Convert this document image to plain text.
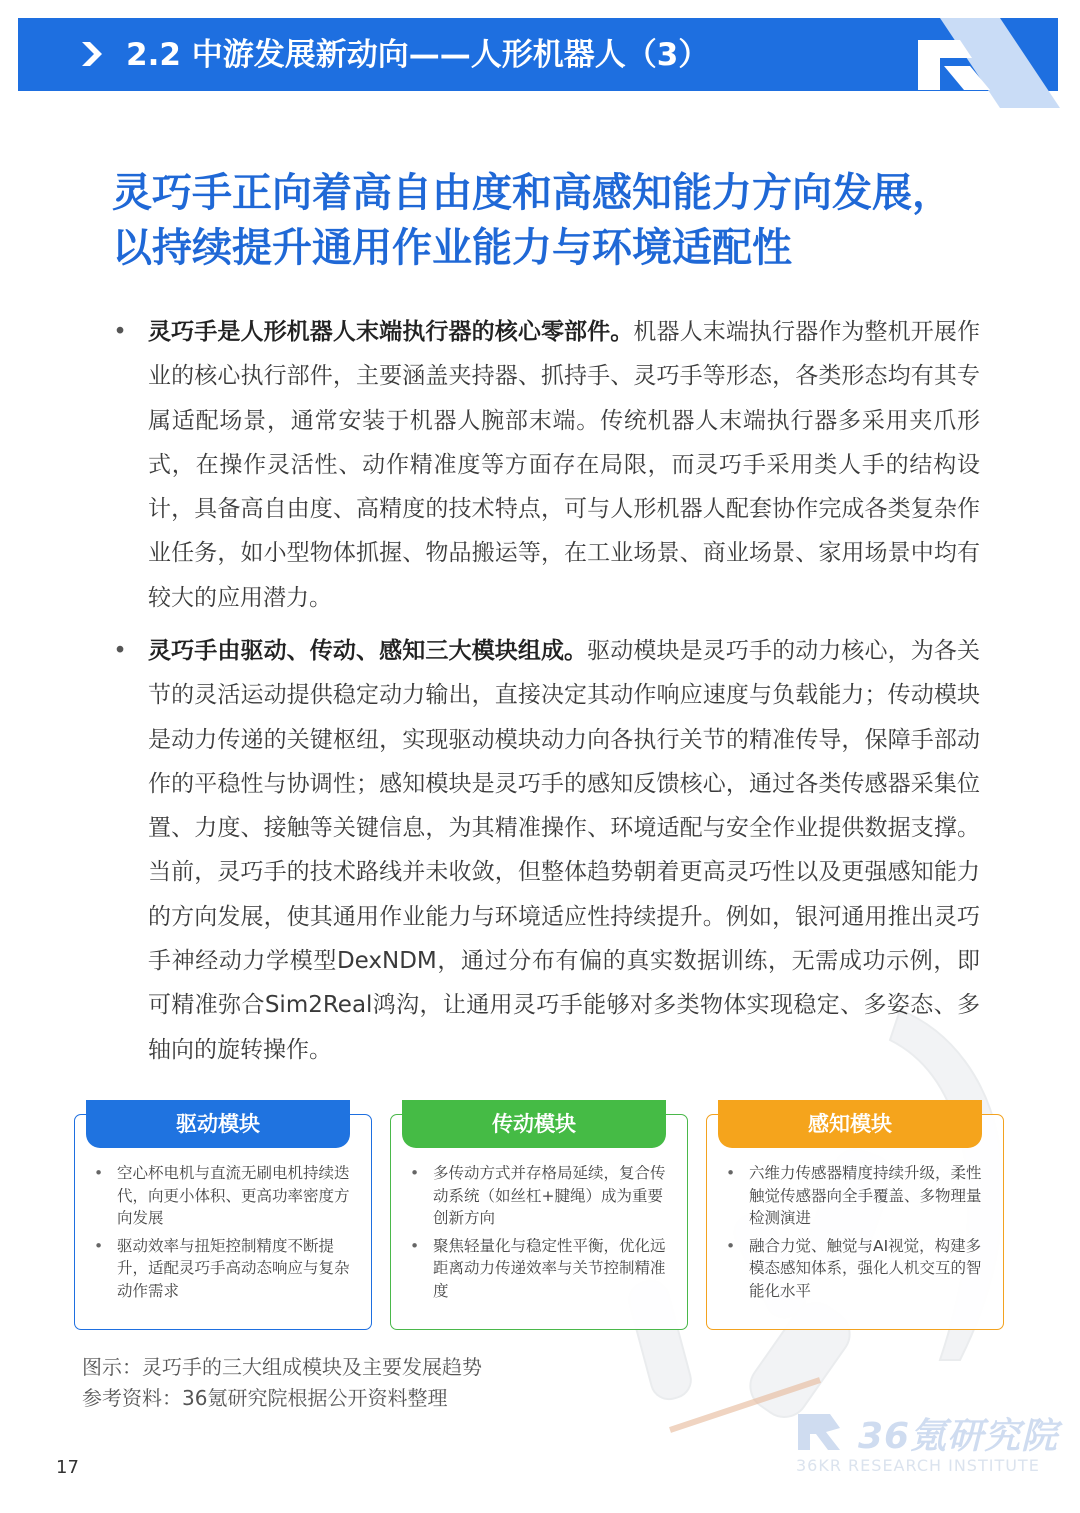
2.2 中游发展新动向——人形机器人（3）
灵巧手正向着高自由度和高感知能力方向发展，
以持续提升通用作业能力与环境适配性
• 灵巧手是人形机器人末端执行器的核心零部件。机器人末端执行器作为整机开展作业的核心执行部件，主要涵盖夹持器、抓持手、灵巧手等形态，各类形态均有其专属适配场景，通常安装于机器人腕部末端。传统机器人末端执行器多采用夹爪形式，在操作灵活性、动作精准度等方面存在局限，而灵巧手采用类人手的结构设计，具备高自由度、高精度的技术特点，可与人形机器人配套协作完成各类复杂作业任务，如小型物体抓握、物品搬运等，在工业场景、商业场景、家用场景中均有较大的应用潜力。
• 灵巧手由驱动、传动、感知三大模块组成。驱动模块是灵巧手的动力核心，为各关节的灵活运动提供稳定动力输出，直接决定其动作响应速度与负载能力；传动模块是动力传递的关键枢纽，实现驱动模块动力向各执行关节的精准传导，保障手部动作的平稳性与协调性；感知模块是灵巧手的感知反馈核心，通过各类传感器采集位置、力度、接触等关键信息，为其精准操作、环境适配与安全作业提供数据支撑。当前，灵巧手的技术路线并未收敛，但整体趋势朝着更高灵巧性以及更强感知能力的方向发展，使其通用作业能力与环境适应性持续提升。例如，银河通用推出灵巧手神经动力学模型DexNDM，通过分布有偏的真实数据训练，无需成功示例，即可精准弥合Sim2Real鸿沟，让通用灵巧手能够对多类物体实现稳定、多姿态、多轴向的旋转操作。
驱动模块
• 空心杯电机与直流无刷电机持续迭代，向更小体积、更高功率密度方向发展
• 驱动效率与扭矩控制精度不断提升，适配灵巧手高动态响应与复杂动作需求
传动模块
• 多传动方式并存格局延续，复合传动系统（如丝杠+腱绳）成为重要创新方向
• 聚焦轻量化与稳定性平衡，优化远距离动力传递效率与关节控制精准度
感知模块
• 六维力传感器精度持续升级，柔性触觉传感器向全手覆盖、多物理量检测演进
• 融合力觉、触觉与AI视觉，构建多模态感知体系，强化人机交互的智能化水平
图示：灵巧手的三大组成模块及主要发展趋势
参考资料：36氪研究院根据公开资料整理
36氪研究院
36KR RESEARCH INSTITUTE
17
